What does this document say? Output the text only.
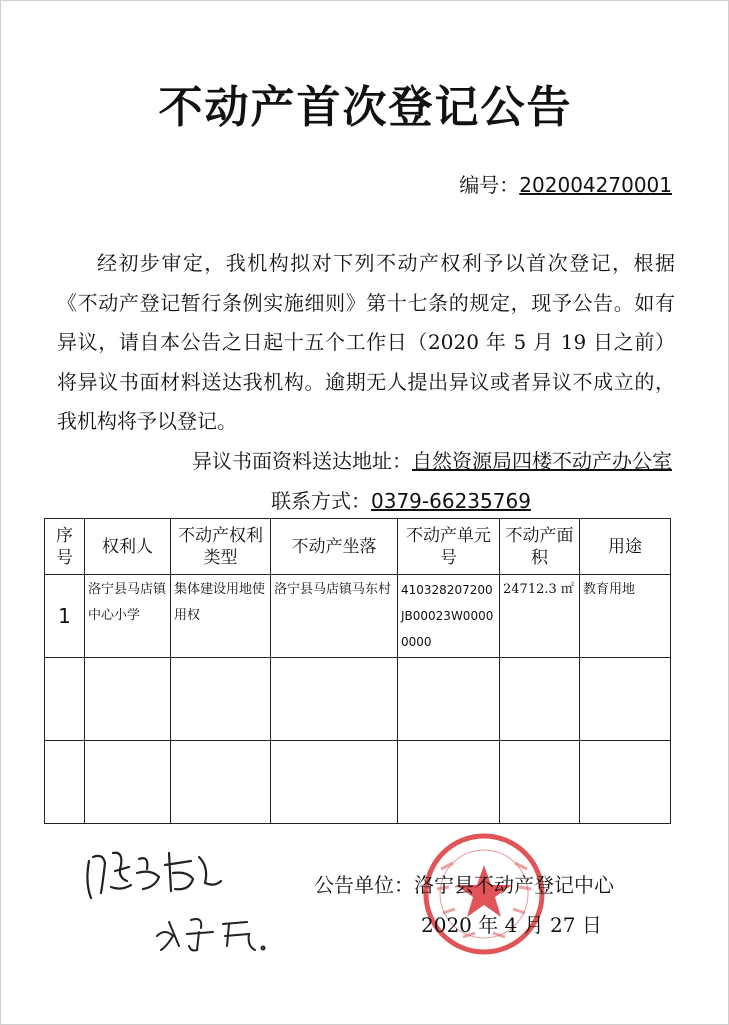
不动产首次登记公告
编号：202004270001

经初步审定，我机构拟对下列不动产权利予以首次登记，根据《不动产登记暂行条例实施细则》第十七条的规定，现予公告。如有异议，请自本公告之日起十五个工作日（2020 年 5 月 19 日之前）将异议书面材料送达我机构。逾期无人提出异议或者异议不成立的，我机构将予以登记。

异议书面资料送达地址：自然资源局四楼不动产办公室
联系方式：0379-66235769
序号	权利人	不动产权利类型	不动产坐落	不动产单元号	不动产面积	用途
1	洛宁县马店镇中心小学	集体建设用地使用权	洛宁县马店镇马东村	410328207200JB00023W00000000	24712.3 ㎡	教育用地

公告单位：洛宁县不动产登记中心
2020 年 4 月 27 日
